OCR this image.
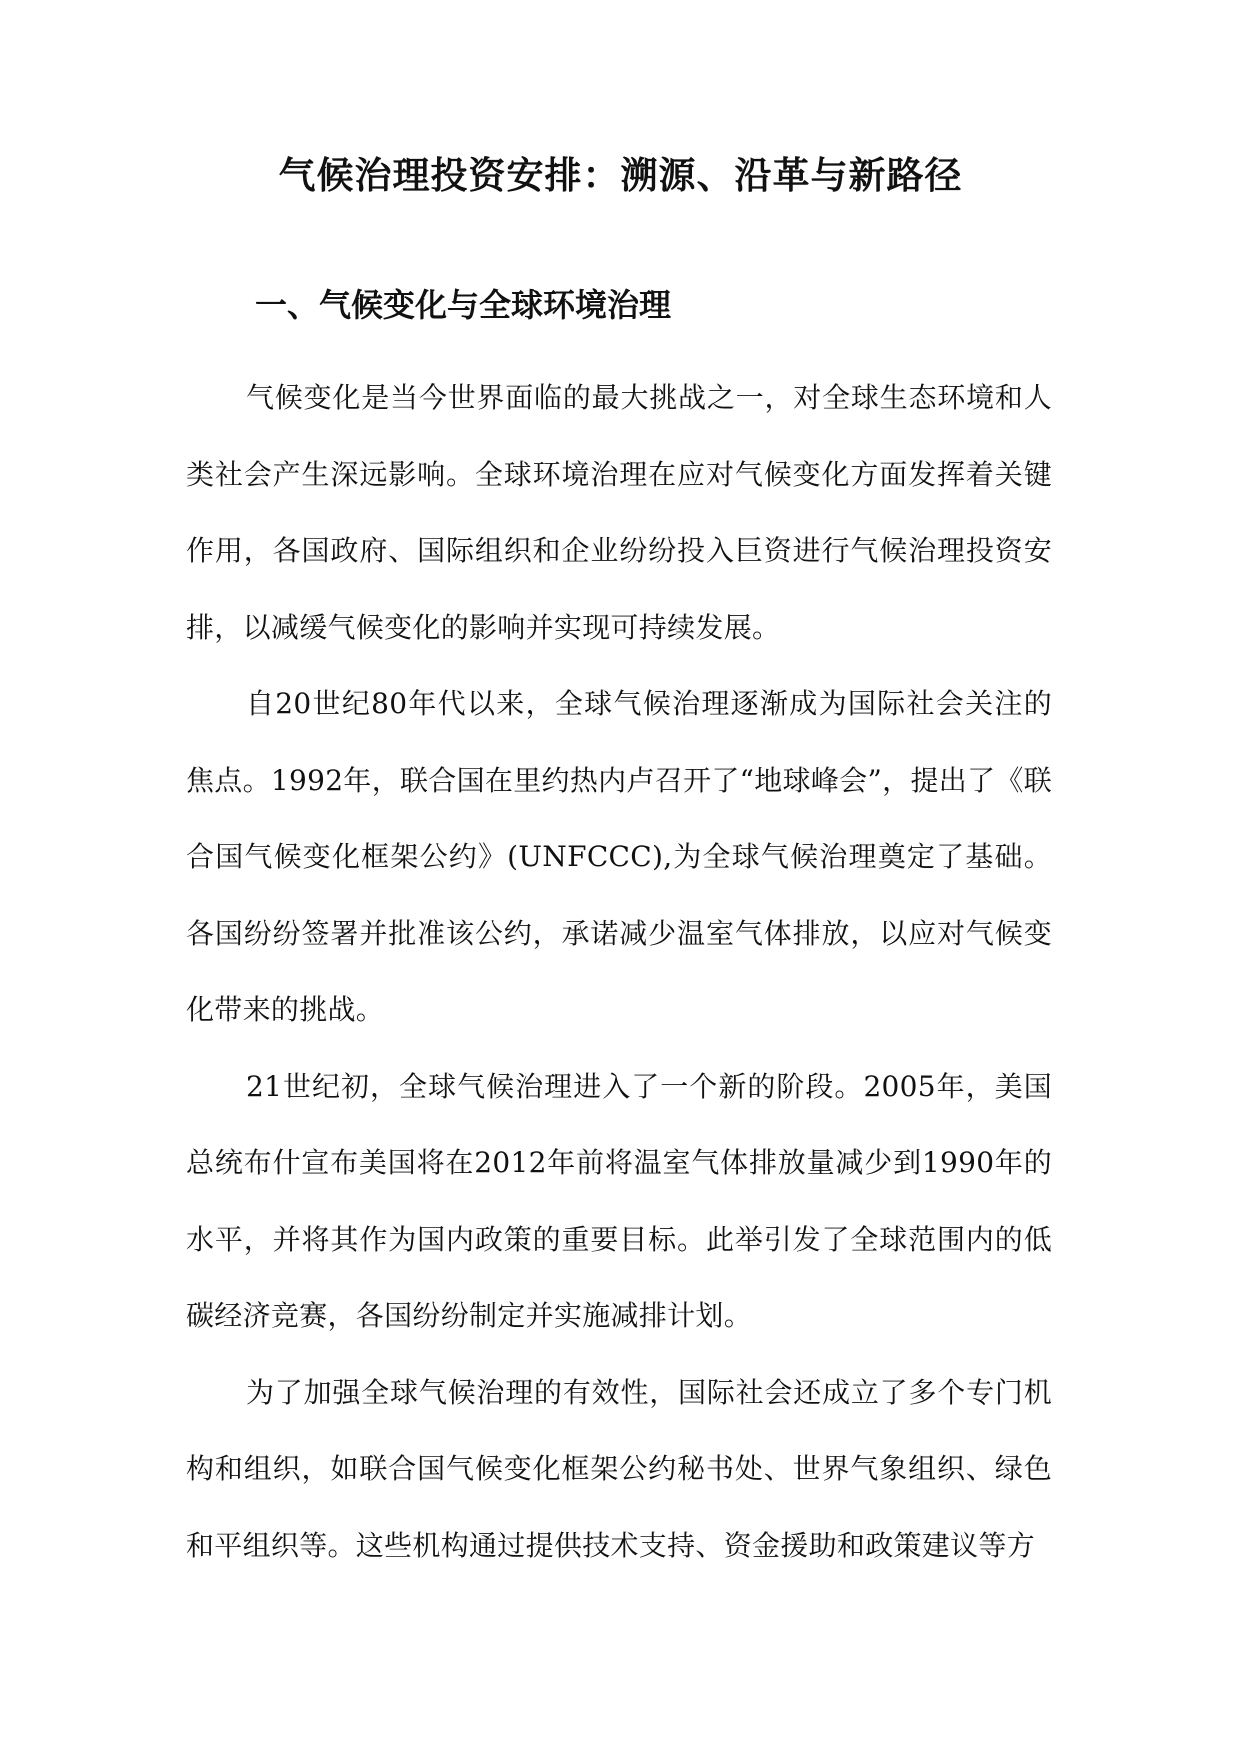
气候治理投资安排：溯源、沿革与新路径
一、气候变化与全球环境治理

气候变化是当今世界面临的最大挑战之一，对全球生态环境和人类社会产生深远影响。全球环境治理在应对气候变化方面发挥着关键作用，各国政府、国际组织和企业纷纷投入巨资进行气候治理投资安排，以减缓气候变化的影响并实现可持续发展。

自20世纪80年代以来，全球气候治理逐渐成为国际社会关注的焦点。1992年，联合国在里约热内卢召开了“地球峰会”，提出了《联合国气候变化框架公约》(UNFCCC),为全球气候治理奠定了基础。各国纷纷签署并批准该公约，承诺减少温室气体排放，以应对气候变化带来的挑战。

21世纪初，全球气候治理进入了一个新的阶段。2005年，美国总统布什宣布美国将在2012年前将温室气体排放量减少到1990年的水平，并将其作为国内政策的重要目标。此举引发了全球范围内的低碳经济竞赛，各国纷纷制定并实施减排计划。

为了加强全球气候治理的有效性，国际社会还成立了多个专门机构和组织，如联合国气候变化框架公约秘书处、世界气象组织、绿色和平组织等。这些机构通过提供技术支持、资金援助和政策建议等方
